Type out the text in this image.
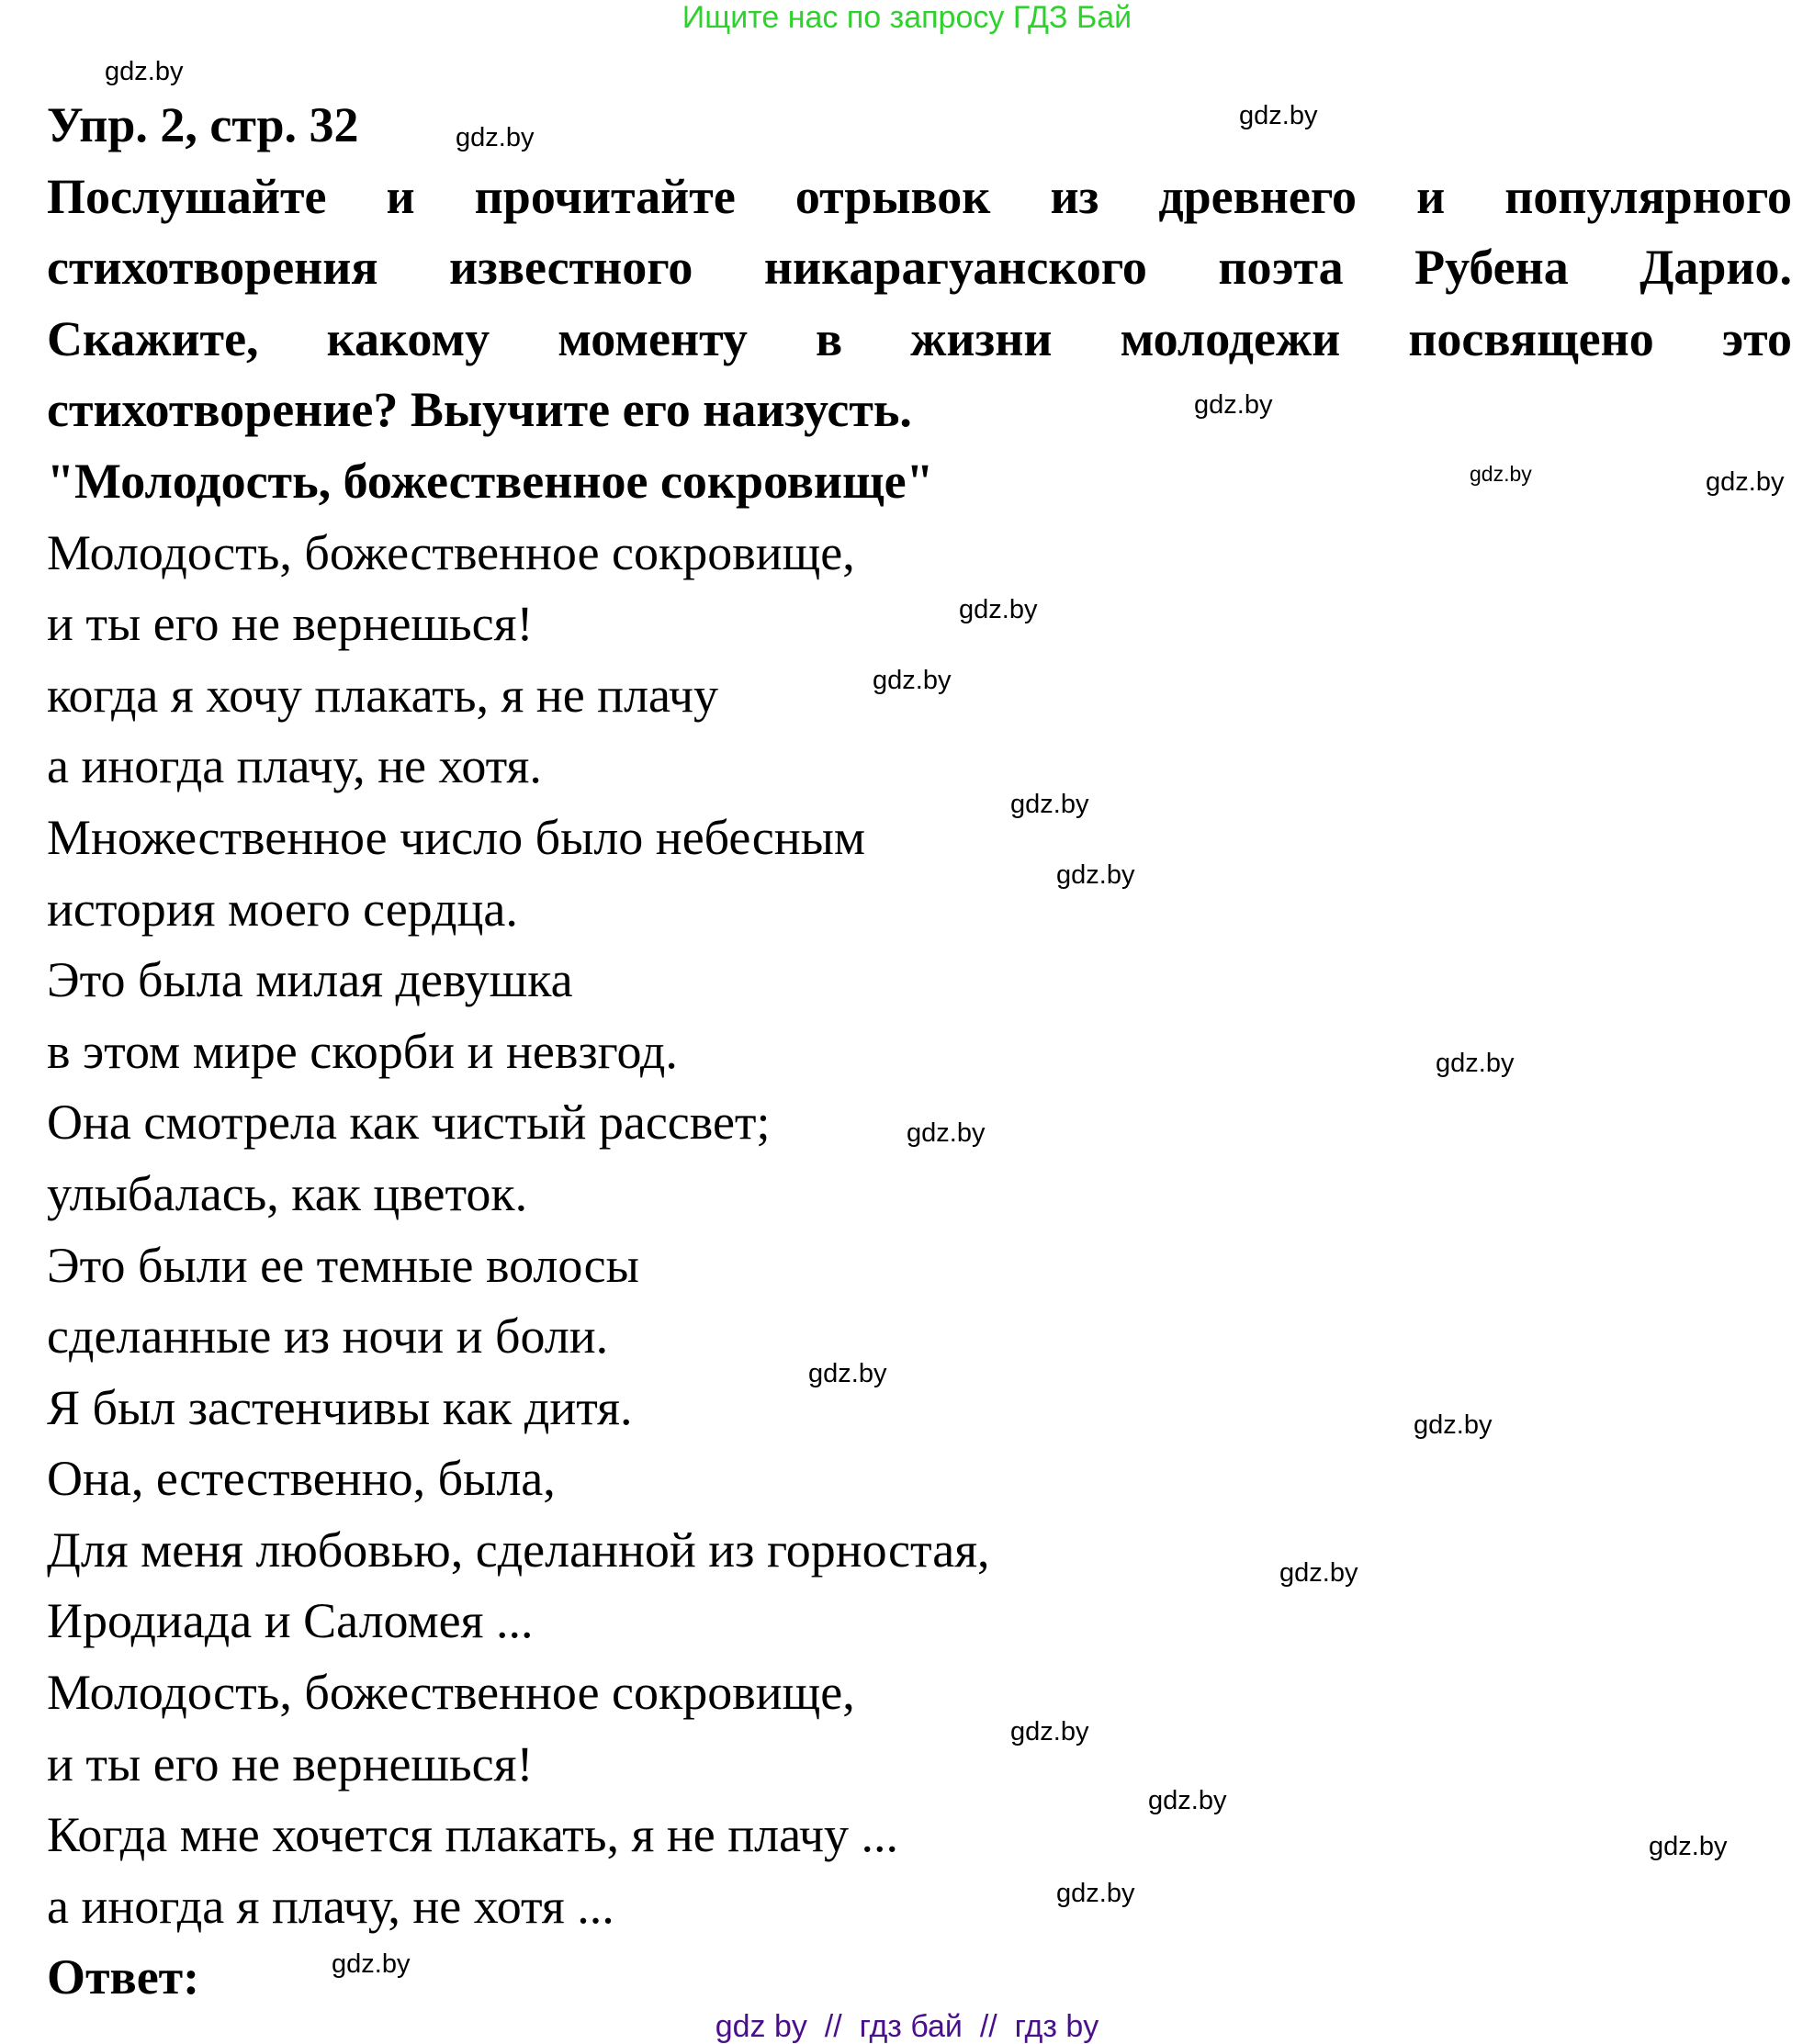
Ищите нас по запросу ГДЗ Бай
Упр. 2, стр. 32
Послушайте и прочитайте отрывок из древнего и популярного
стихотворения известного никарагуанского поэта Рубена Дарио.
Скажите, какому моменту в жизни молодежи посвящено это
стихотворение? Выучите его наизусть.
"Молодость, божественное сокровище"
Молодость, божественное сокровище,
и ты его не вернешься!
когда я хочу плакать, я не плачу
а иногда плачу, не хотя.
Множественное число было небесным
история моего сердца.
Это была милая девушка
в этом мире скорби и невзгод.
Она смотрела как чистый рассвет;
улыбалась, как цветок.
Это были ее темные волосы
сделанные из ночи и боли.
Я был застенчивы как дитя.
Она, естественно, была,
Для меня любовью, сделанной из горностая,
Иродиада и Саломея ...
Молодость, божественное сокровище,
и ты его не вернешься!
Когда мне хочется плакать, я не плачу ...
а иногда я плачу, не хотя ...
Ответ:
gdz.by
gdz.by
gdz.by
gdz.by
gdz.by
gdz.by
gdz.by
gdz.by
gdz.by
gdz.by
gdz.by
gdz.by
gdz.by
gdz.by
gdz.by
gdz.by
gdz.by
gdz.by
gdz.by
gdz.by
gdz by  //  гдз бай  //  гдз by
